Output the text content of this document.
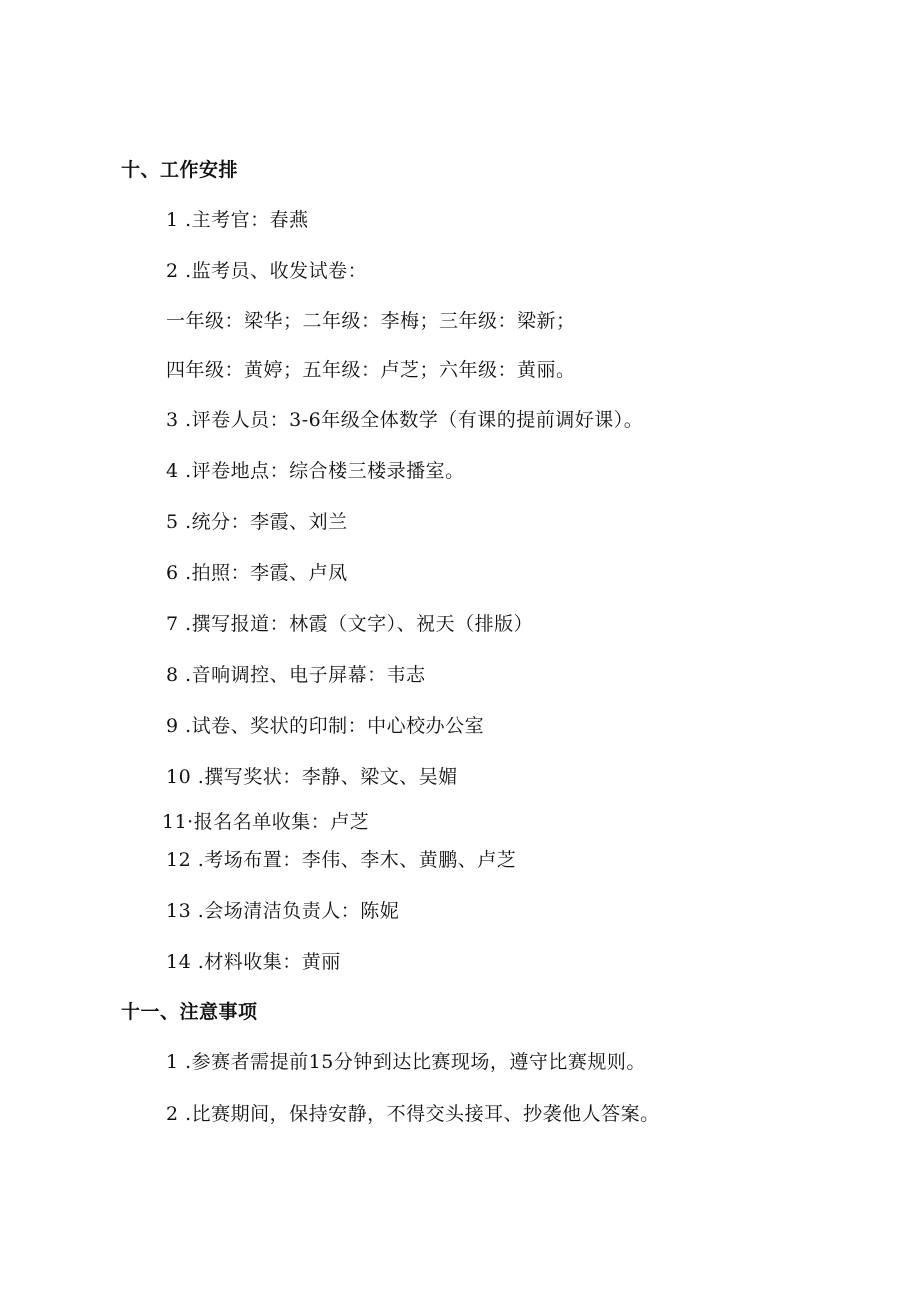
十、工作安排
1 .主考官：春燕
2 .监考员、收发试卷：
一年级：梁华；二年级：李梅；三年级：梁新；
四年级：黄婷；五年级：卢芝；六年级：黄丽。
3 .评卷人员：3-6年级全体数学（有课的提前调好课）。
4 .评卷地点：综合楼三楼录播室。
5 .统分：李霞、刘兰
6 .拍照：李霞、卢凤
7 .撰写报道：林霞（文字）、祝天（排版）
8 .音响调控、电子屏幕：韦志
9 .试卷、奖状的印制：中心校办公室
10 .撰写奖状：李静、梁文、吴媚
11·报名名单收集：卢芝
12 .考场布置：李伟、李木、黄鹏、卢芝
13 .会场清洁负责人：陈妮
14 .材料收集：黄丽
十一、注意事项
1 .参赛者需提前15分钟到达比赛现场，遵守比赛规则。
2 .比赛期间，保持安静，不得交头接耳、抄袭他人答案。
